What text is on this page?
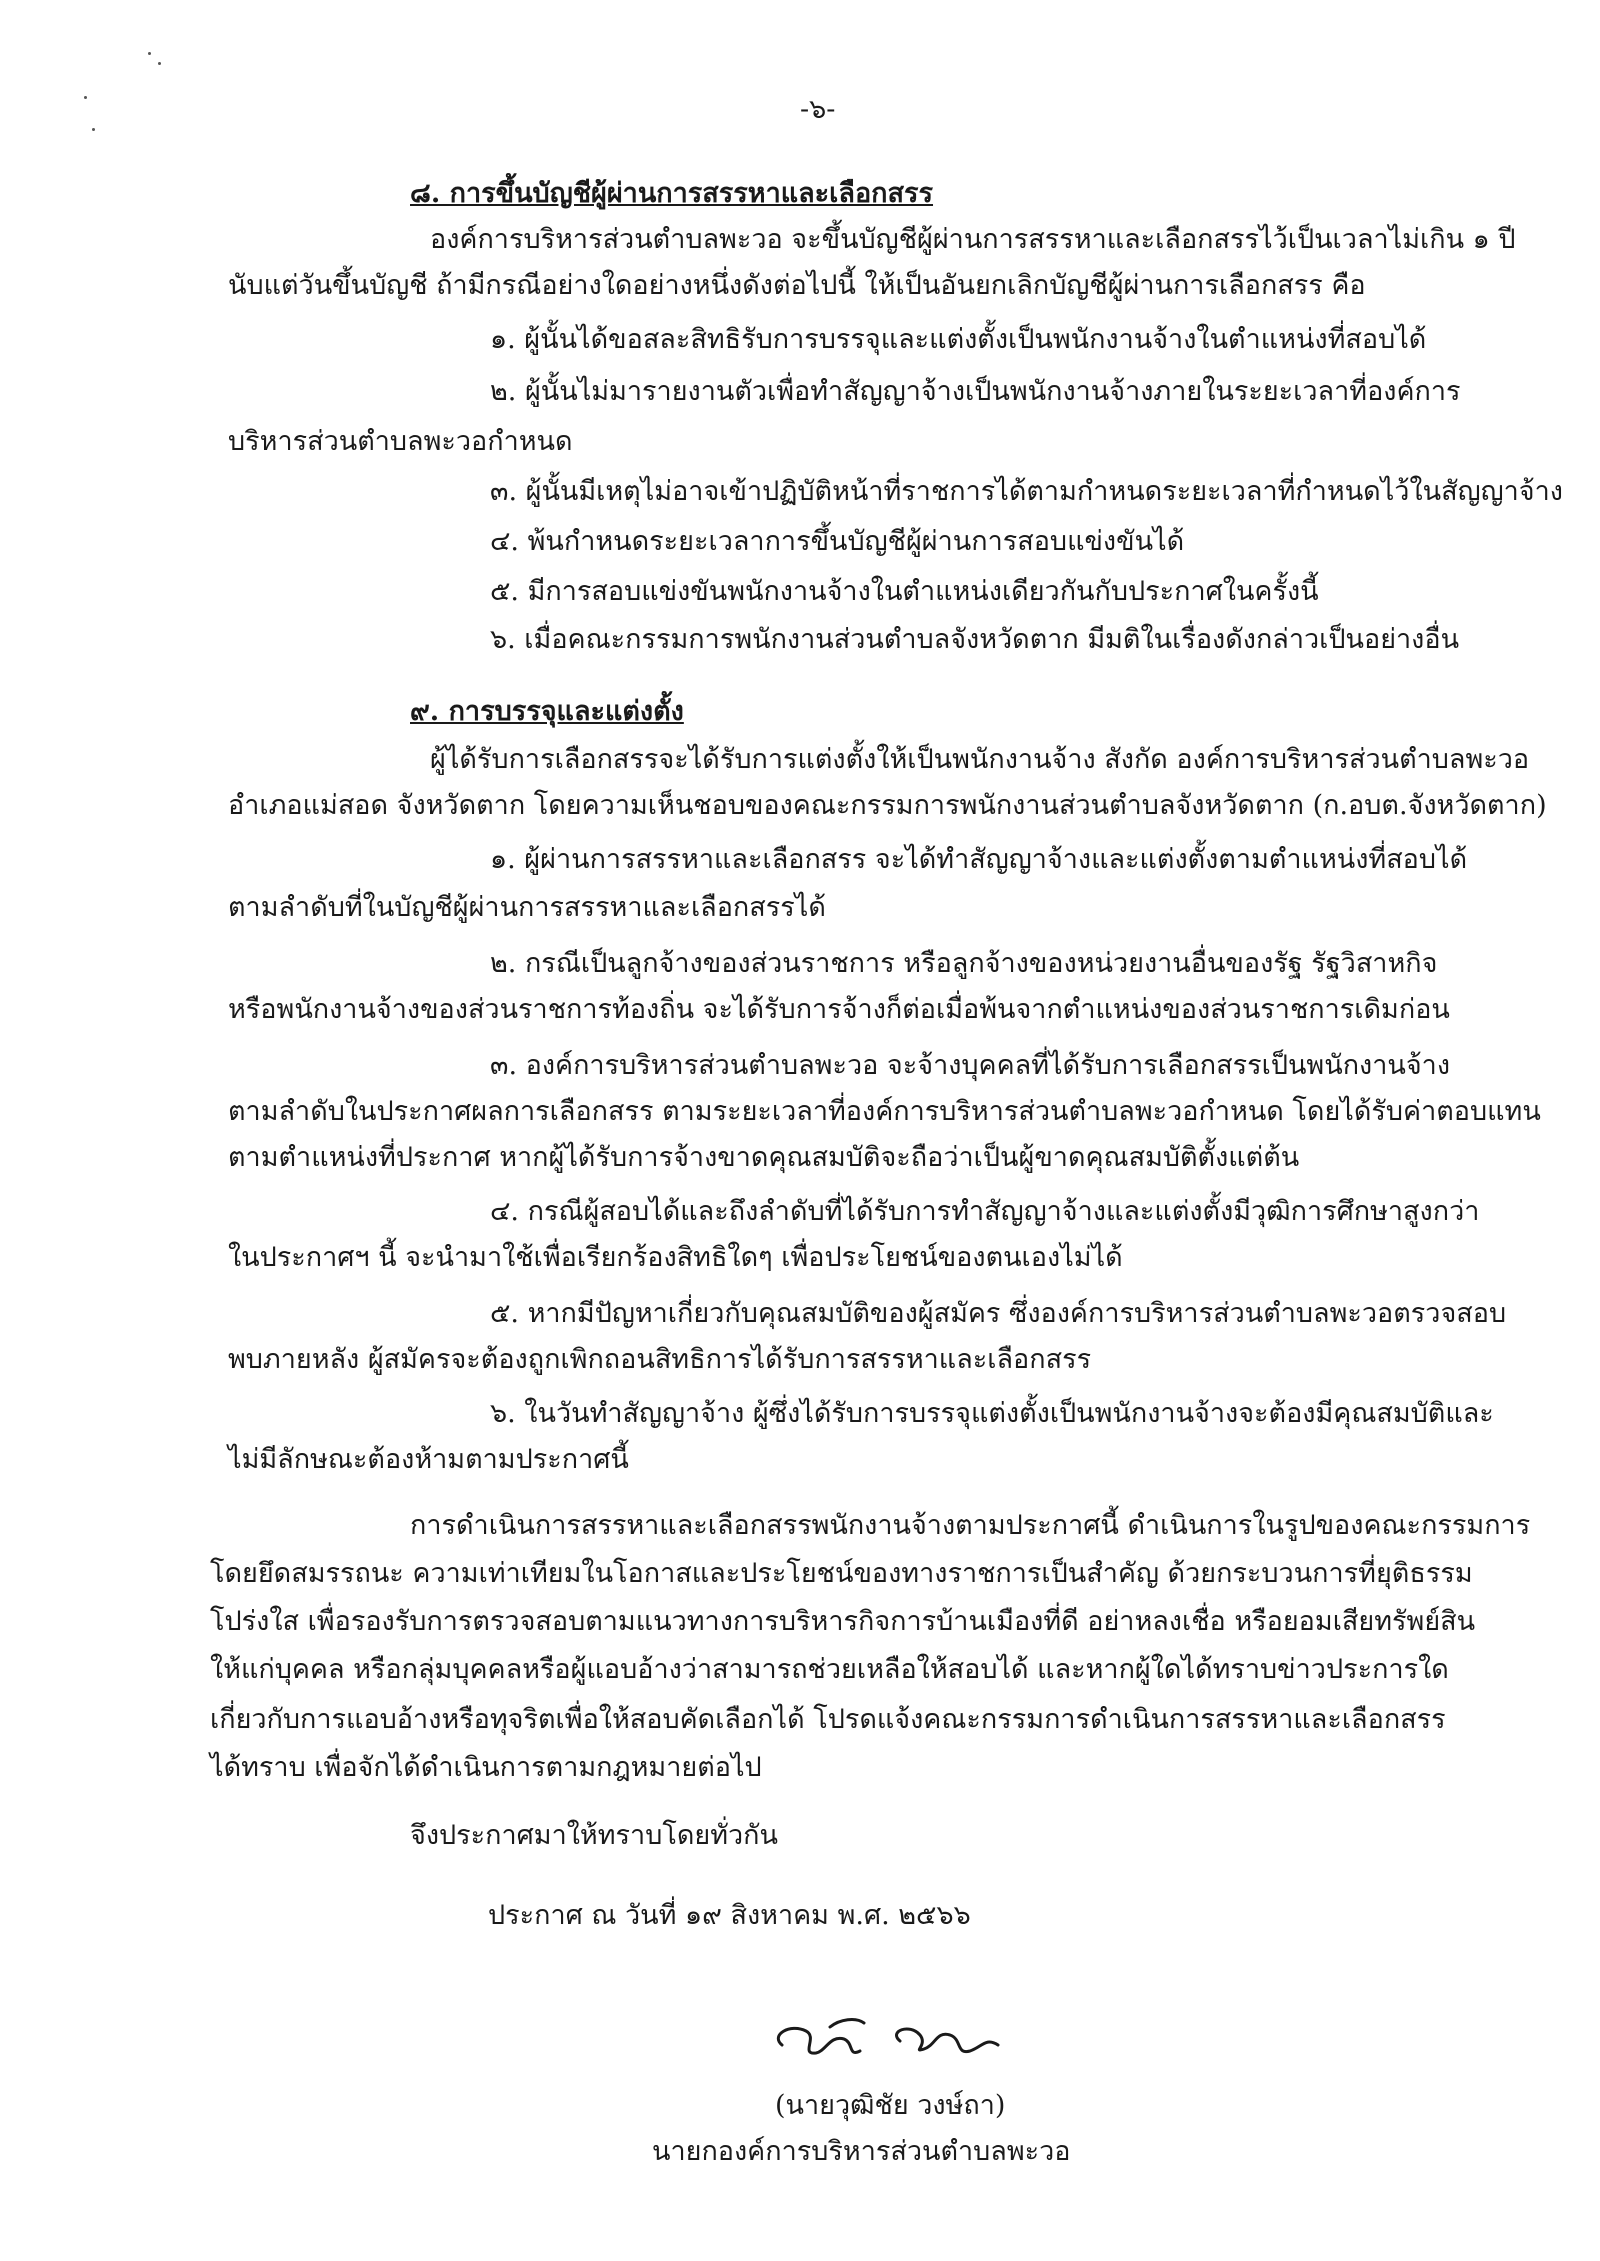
-๖-
๘. การขึ้นบัญชีผู้ผ่านการสรรหาและเลือกสรร
องค์การบริหารส่วนตำบลพะวอ จะขึ้นบัญชีผู้ผ่านการสรรหาและเลือกสรรไว้เป็นเวลาไม่เกิน ๑ ปี
นับแต่วันขึ้นบัญชี ถ้ามีกรณีอย่างใดอย่างหนึ่งดังต่อไปนี้ ให้เป็นอันยกเลิกบัญชีผู้ผ่านการเลือกสรร คือ
๑. ผู้นั้นได้ขอสละสิทธิรับการบรรจุและแต่งตั้งเป็นพนักงานจ้างในตำแหน่งที่สอบได้
๒. ผู้นั้นไม่มารายงานตัวเพื่อทำสัญญาจ้างเป็นพนักงานจ้างภายในระยะเวลาที่องค์การ
บริหารส่วนตำบลพะวอกำหนด
๓. ผู้นั้นมีเหตุไม่อาจเข้าปฏิบัติหน้าที่ราชการได้ตามกำหนดระยะเวลาที่กำหนดไว้ในสัญญาจ้าง
๔. พ้นกำหนดระยะเวลาการขึ้นบัญชีผู้ผ่านการสอบแข่งขันได้
๕. มีการสอบแข่งขันพนักงานจ้างในตำแหน่งเดียวกันกับประกาศในครั้งนี้
๖. เมื่อคณะกรรมการพนักงานส่วนตำบลจังหวัดตาก มีมติในเรื่องดังกล่าวเป็นอย่างอื่น
๙. การบรรจุและแต่งตั้ง
ผู้ได้รับการเลือกสรรจะได้รับการแต่งตั้งให้เป็นพนักงานจ้าง สังกัด องค์การบริหารส่วนตำบลพะวอ
อำเภอแม่สอด จังหวัดตาก โดยความเห็นชอบของคณะกรรมการพนักงานส่วนตำบลจังหวัดตาก (ก.อบต.จังหวัดตาก)
๑. ผู้ผ่านการสรรหาและเลือกสรร จะได้ทำสัญญาจ้างและแต่งตั้งตามตำแหน่งที่สอบได้
ตามลำดับที่ในบัญชีผู้ผ่านการสรรหาและเลือกสรรได้
๒. กรณีเป็นลูกจ้างของส่วนราชการ หรือลูกจ้างของหน่วยงานอื่นของรัฐ รัฐวิสาหกิจ
หรือพนักงานจ้างของส่วนราชการท้องถิ่น จะได้รับการจ้างก็ต่อเมื่อพ้นจากตำแหน่งของส่วนราชการเดิมก่อน
๓. องค์การบริหารส่วนตำบลพะวอ จะจ้างบุคคลที่ได้รับการเลือกสรรเป็นพนักงานจ้าง
ตามลำดับในประกาศผลการเลือกสรร ตามระยะเวลาที่องค์การบริหารส่วนตำบลพะวอกำหนด โดยได้รับค่าตอบแทน
ตามตำแหน่งที่ประกาศ หากผู้ได้รับการจ้างขาดคุณสมบัติจะถือว่าเป็นผู้ขาดคุณสมบัติตั้งแต่ต้น
๔. กรณีผู้สอบได้และถึงลำดับที่ได้รับการทำสัญญาจ้างและแต่งตั้งมีวุฒิการศึกษาสูงกว่า
ในประกาศฯ นี้ จะนำมาใช้เพื่อเรียกร้องสิทธิใดๆ เพื่อประโยชน์ของตนเองไม่ได้
๕. หากมีปัญหาเกี่ยวกับคุณสมบัติของผู้สมัคร ซึ่งองค์การบริหารส่วนตำบลพะวอตรวจสอบ
พบภายหลัง ผู้สมัครจะต้องถูกเพิกถอนสิทธิการได้รับการสรรหาและเลือกสรร
๖. ในวันทำสัญญาจ้าง ผู้ซึ่งได้รับการบรรจุแต่งตั้งเป็นพนักงานจ้างจะต้องมีคุณสมบัติและ
ไม่มีลักษณะต้องห้ามตามประกาศนี้
การดำเนินการสรรหาและเลือกสรรพนักงานจ้างตามประกาศนี้ ดำเนินการในรูปของคณะกรรมการ
โดยยึดสมรรถนะ ความเท่าเทียมในโอกาสและประโยชน์ของทางราชการเป็นสำคัญ ด้วยกระบวนการที่ยุติธรรม
โปร่งใส เพื่อรองรับการตรวจสอบตามแนวทางการบริหารกิจการบ้านเมืองที่ดี อย่าหลงเชื่อ หรือยอมเสียทรัพย์สิน
ให้แก่บุคคล หรือกลุ่มบุคคลหรือผู้แอบอ้างว่าสามารถช่วยเหลือให้สอบได้ และหากผู้ใดได้ทราบข่าวประการใด
เกี่ยวกับการแอบอ้างหรือทุจริตเพื่อให้สอบคัดเลือกได้ โปรดแจ้งคณะกรรมการดำเนินการสรรหาและเลือกสรร
ได้ทราบ เพื่อจักได้ดำเนินการตามกฎหมายต่อไป
จึงประกาศมาให้ทราบโดยทั่วกัน
ประกาศ ณ วันที่ ๑๙ สิงหาคม พ.ศ. ๒๕๖๖
(นายวุฒิชัย วงษ์ถา)
นายกองค์การบริหารส่วนตำบลพะวอ
